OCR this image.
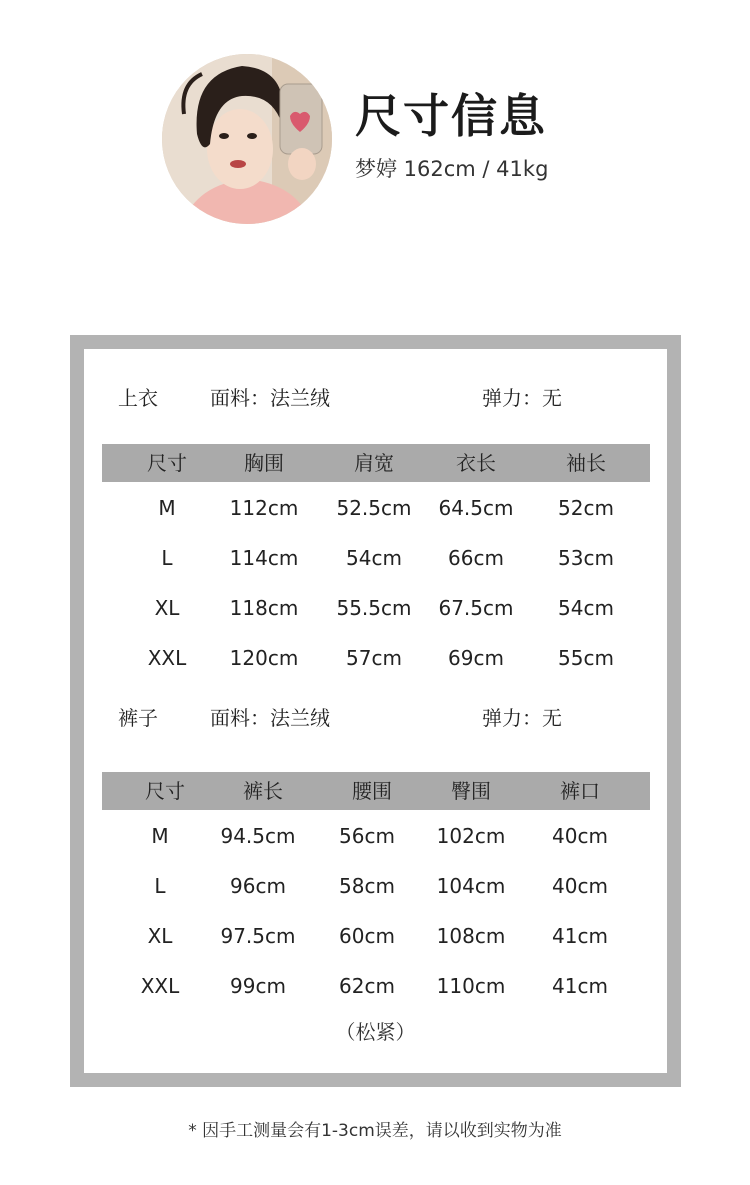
尺寸信息
梦婷 162cm / 41kg
上衣	面料：法兰绒	弹力：无
尺寸	胸围	肩宽	衣长	袖长
M	112cm	52.5cm	64.5cm	52cm
L	114cm	54cm	66cm	53cm
XL	118cm	55.5cm	67.5cm	54cm
XXL	120cm	57cm	69cm	55cm
裤子	面料：法兰绒	弹力：无
尺寸	裤长	腰围	臀围	裤口
M	94.5cm	56cm	102cm	40cm
L	96cm	58cm	104cm	40cm
XL	97.5cm	60cm	108cm	41cm
XXL	99cm	62cm	110cm	41cm
（松紧）
* 因手工测量会有1-3cm误差，请以收到实物为准
